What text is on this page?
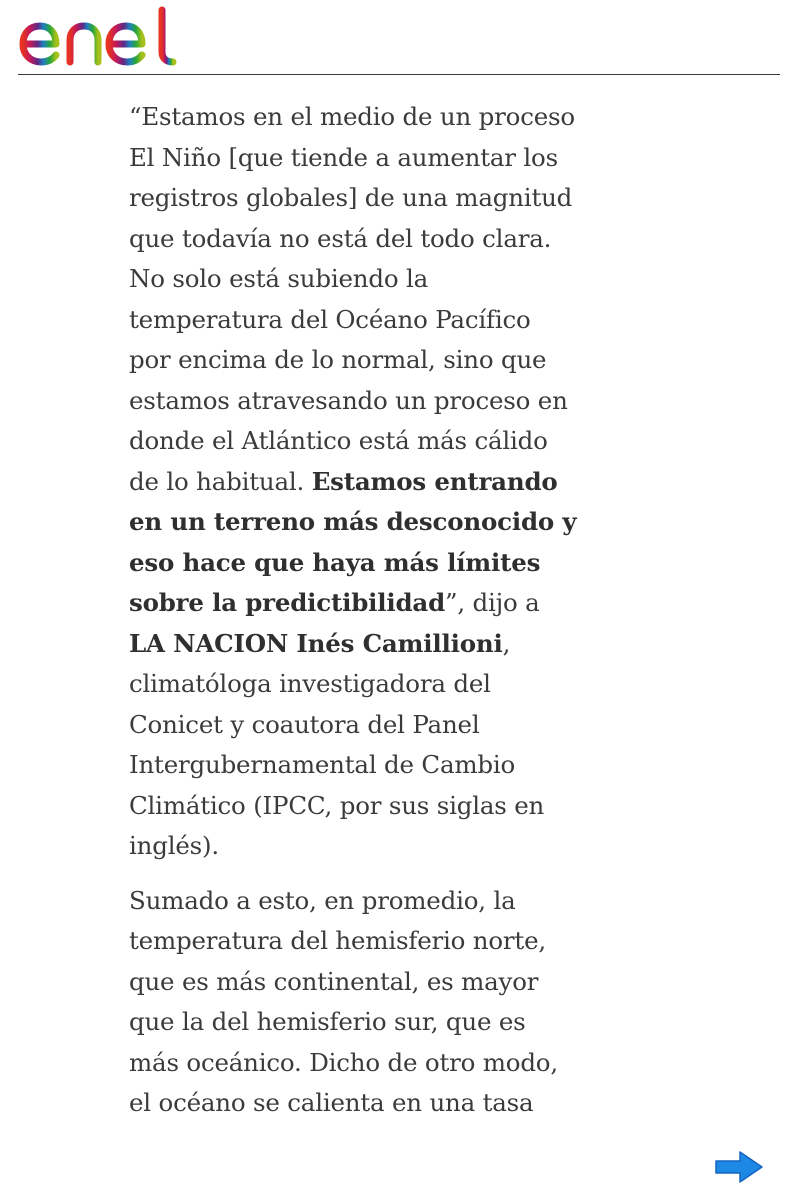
“Estamos en el medio de un proceso El Niño [que tiende a aumentar los registros globales] de una magnitud que todavía no está del todo clara. No solo está subiendo la temperatura del Océano Pacífico por encima de lo normal, sino que estamos atravesando un proceso en donde el Atlántico está más cálido de lo habitual. Estamos entrando en un terreno más desconocido y eso hace que haya más límites sobre la predictibilidad”, dijo a LA NACION Inés Camillioni, climatóloga investigadora del Conicet y coautora del Panel Intergubernamental de Cambio Climático (IPCC, por sus siglas en inglés).

Sumado a esto, en promedio, la temperatura del hemisferio norte, que es más continental, es mayor que la del hemisferio sur, que es más oceánico. Dicho de otro modo, el océano se calienta en una tasa
